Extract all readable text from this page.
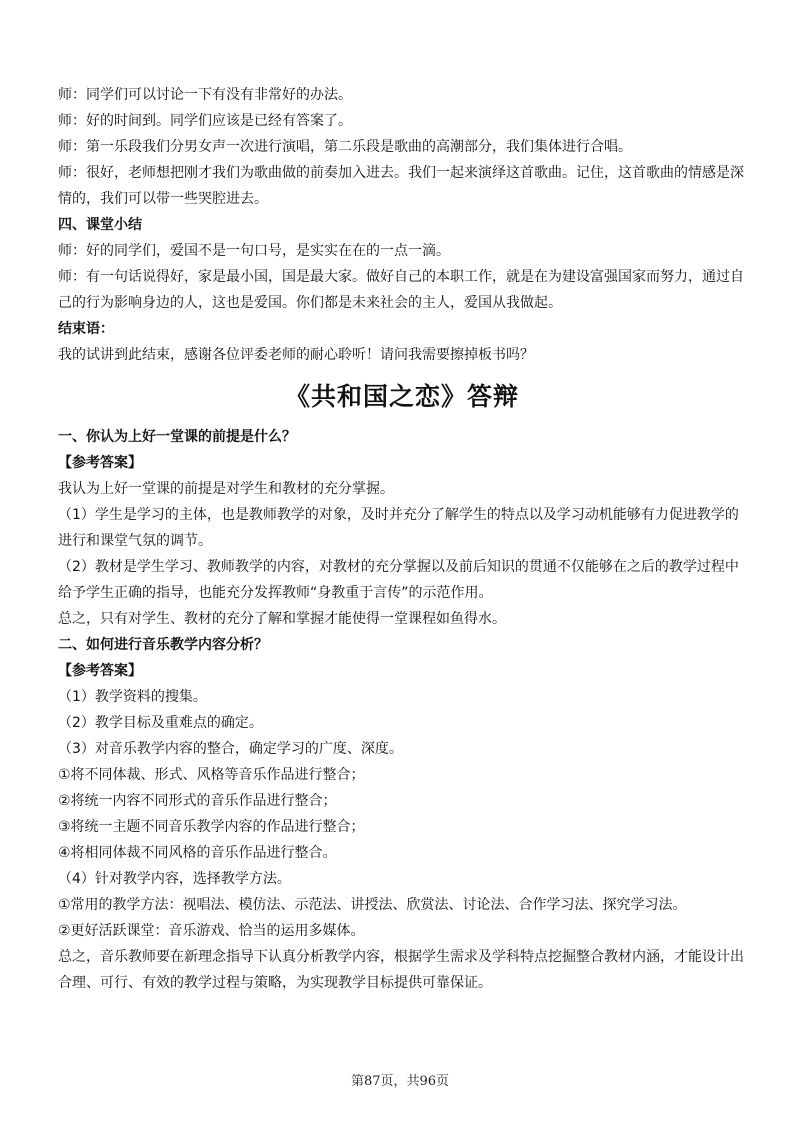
师：同学们可以讨论一下有没有非常好的办法。

师：好的时间到。同学们应该是已经有答案了。

师：第一乐段我们分男女声一次进行演唱，第二乐段是歌曲的高潮部分，我们集体进行合唱。

师：很好，老师想把刚才我们为歌曲做的前奏加入进去。我们一起来演绎这首歌曲。记住，这首歌曲的情感是深情的，我们可以带一些哭腔进去。

四、课堂小结

师：好的同学们，爱国不是一句口号，是实实在在的一点一滴。

师：有一句话说得好，家是最小国，国是最大家。做好自己的本职工作，就是在为建设富强国家而努力，通过自己的行为影响身边的人，这也是爱国。你们都是未来社会的主人，爱国从我做起。

结束语：

我的试讲到此结束，感谢各位评委老师的耐心聆听！请问我需要擦掉板书吗？

《共和国之恋》答辩

一、你认为上好一堂课的前提是什么？

【参考答案】

我认为上好一堂课的前提是对学生和教材的充分掌握。

（1）学生是学习的主体，也是教师教学的对象，及时并充分了解学生的特点以及学习动机能够有力促进教学的进行和课堂气氛的调节。

（2）教材是学生学习、教师教学的内容，对教材的充分掌握以及前后知识的贯通不仅能够在之后的教学过程中给予学生正确的指导，也能充分发挥教师“身教重于言传”的示范作用。

总之，只有对学生、教材的充分了解和掌握才能使得一堂课程如鱼得水。

二、如何进行音乐教学内容分析？

【参考答案】

（1）教学资料的搜集。

（2）教学目标及重难点的确定。

（3）对音乐教学内容的整合，确定学习的广度、深度。

①将不同体裁、形式、风格等音乐作品进行整合；

②将统一内容不同形式的音乐作品进行整合；

③将统一主题不同音乐教学内容的作品进行整合；

④将相同体裁不同风格的音乐作品进行整合。

（4）针对教学内容，选择教学方法。

①常用的教学方法：视唱法、模仿法、示范法、讲授法、欣赏法、讨论法、合作学习法、探究学习法。

②更好活跃课堂：音乐游戏、恰当的运用多媒体。

总之，音乐教师要在新理念指导下认真分析教学内容，根据学生需求及学科特点挖掘整合教材内涵，才能设计出合理、可行、有效的教学过程与策略，为实现教学目标提供可靠保证。

第87页，共96页
